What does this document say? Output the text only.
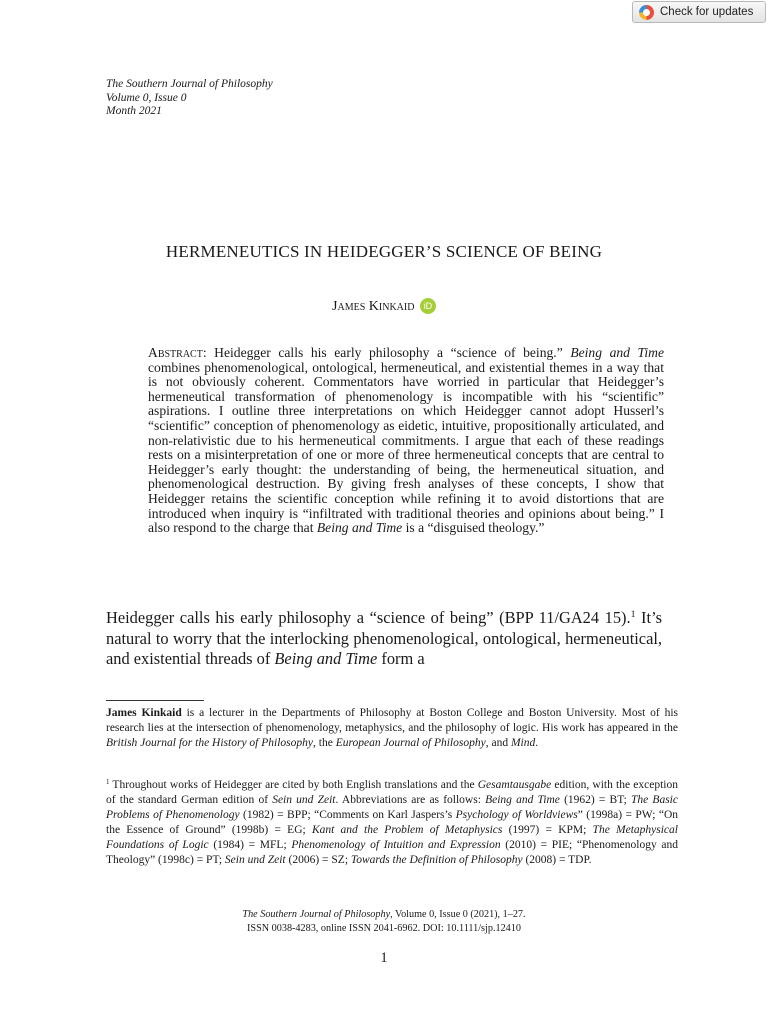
Check for updates
The Southern Journal of Philosophy
Volume 0, Issue 0
Month 2021
HERMENEUTICS IN HEIDEGGER’S SCIENCE OF BEING
James Kinkaid iD
Abstract: Heidegger calls his early philosophy a “science of being.” Being and Time combines phenomenological, ontological, hermeneutical, and existential themes in a way that is not obviously coherent. Commentators have worried in particular that Heidegger’s hermeneutical transformation of phenomenology is incompatible with his “scientific” aspirations. I outline three interpretations on which Heidegger cannot adopt Husserl’s “scientific” conception of phenomenology as eidetic, intuitive, propositionally articulated, and non-relativistic due to his hermeneutical commitments. I argue that each of these readings rests on a misinterpretation of one or more of three hermeneutical concepts that are central to Heidegger’s early thought: the understanding of being, the hermeneutical situation, and phenomenological destruction. By giving fresh analyses of these concepts, I show that Heidegger retains the scientific conception while refining it to avoid distortions that are introduced when inquiry is “infiltrated with traditional theories and opinions about being.” I also respond to the charge that Being and Time is a “disguised theology.”
Heidegger calls his early philosophy a “science of being” (BPP 11/GA24 15).$^1$ It’s natural to worry that the interlocking phenomenological, ontological, hermeneutical, and existential threads of Being and Time form a
James Kinkaid is a lecturer in the Departments of Philosophy at Boston College and Boston University. Most of his research lies at the intersection of phenomenology, metaphysics, and the philosophy of logic. His work has appeared in the British Journal for the History of Philosophy, the European Journal of Philosophy, and Mind.
$^1$ Throughout works of Heidegger are cited by both English translations and the Gesamtausgabe edition, with the exception of the standard German edition of Sein und Zeit. Abbreviations are as follows: Being and Time (1962) = BT; The Basic Problems of Phenomenology (1982) = BPP; “Comments on Karl Jaspers’s Psychology of Worldviews” (1998a) = PW; “On the Essence of Ground” (1998b) = EG; Kant and the Problem of Metaphysics (1997) = KPM; The Metaphysical Foundations of Logic (1984) = MFL; Phenomenology of Intuition and Expression (2010) = PIE; “Phenomenology and Theology” (1998c) = PT; Sein und Zeit (2006) = SZ; Towards the Definition of Philosophy (2008) = TDP.
The Southern Journal of Philosophy, Volume 0, Issue 0 (2021), 1–27.
ISSN 0038-4283, online ISSN 2041-6962. DOI: 10.1111/sjp.12410
1
